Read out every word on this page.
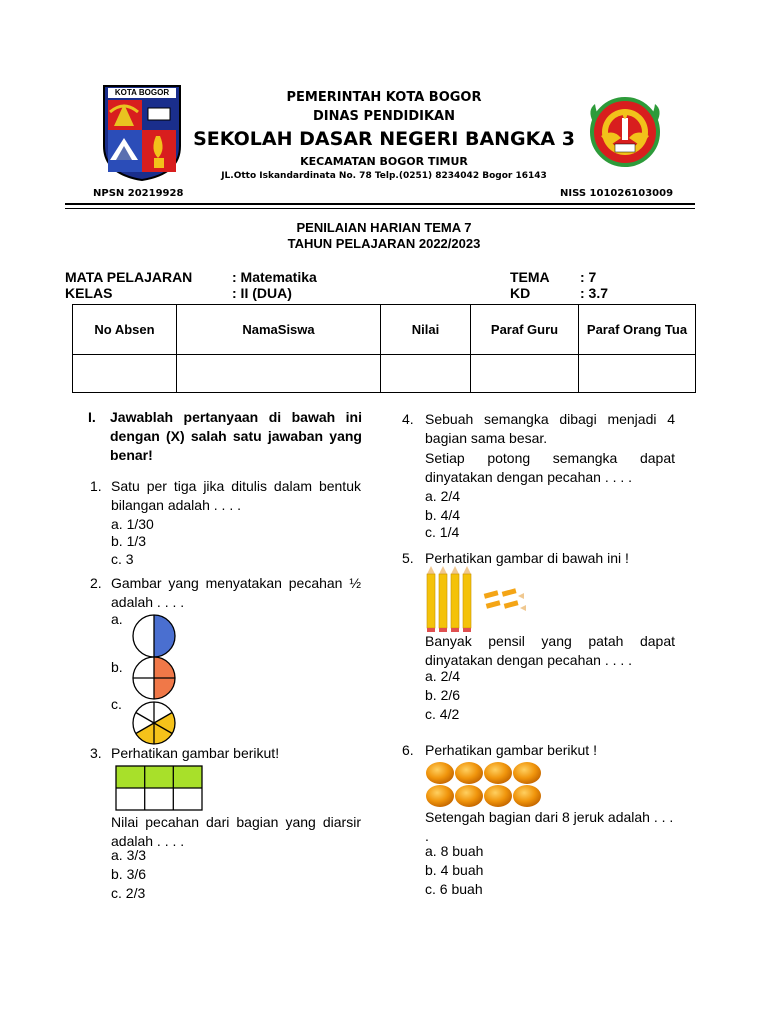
KOTA BOGOR	PEMERINTAH KOTA BOGOR
DINAS PENDIDIKAN
SEKOLAH DASAR NEGERI BANGKA 3
KECAMATAN BOGOR TIMUR
JL.Otto Iskandardinata No. 78 Telp.(0251) 8234042 Bogor 16143
NPSN 20219928	NISS 101026103009
PENILAIAN HARIAN TEMA 7
TAHUN PELAJARAN 2022/2023
MATA PELAJARAN	: Matematika
KELAS	: II (DUA)
TEMA : 7
KD	: 3.7
No Absen	NamaSiswa	Nilai	Paraf Guru	Paraf Orang Tua

I. Jawablah pertanyaan di bawah ini dengan (X) salah satu jawaban yang benar!
1. Satu per tiga jika ditulis dalam bentuk bilangan adalah . . . .
a. 1/30
b. 1/3
c. 3
2. Gambar yang menyatakan pecahan ½ adalah . . . .
a.
b.
c.
3. Perhatikan gambar berikut!
Nilai pecahan dari bagian yang diarsir adalah . . . .
a. 3/3
b. 3/6
c. 2/3
4. Sebuah semangka dibagi menjadi 4 bagian sama besar.
Setiap potong semangka dapat dinyatakan dengan pecahan . . . .
a. 2/4
b. 4/4
c. 1/4
5. Perhatikan gambar di bawah ini !
Banyak pensil yang patah dapat dinyatakan dengan pecahan . . . .
a. 2/4
b. 2/6
c. 4/2
6. Perhatikan gambar berikut !
Setengah bagian dari 8 jeruk adalah . . . .
a. 8 buah
b. 4 buah
c. 6 buah
